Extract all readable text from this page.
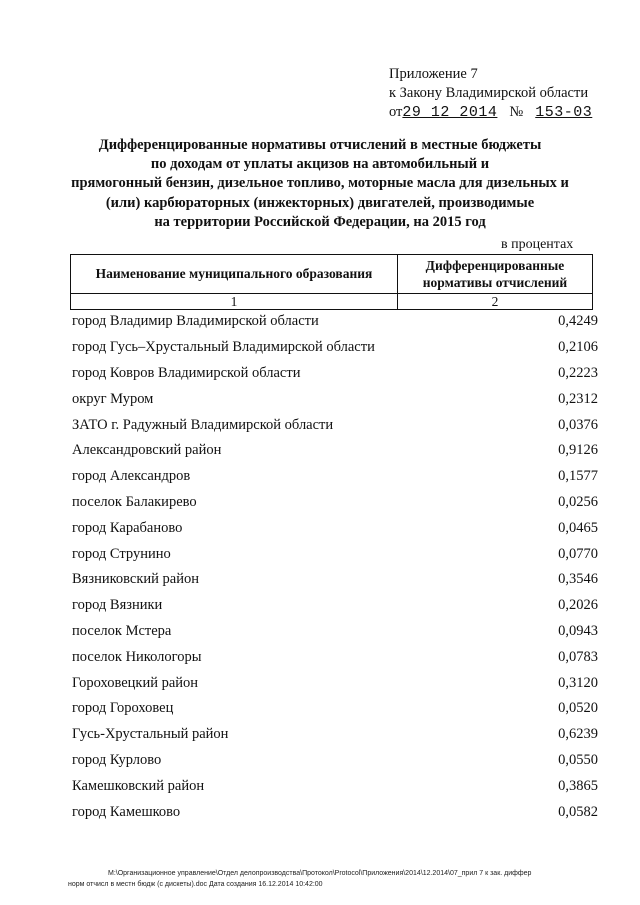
Приложение 7
к Закону Владимирской области
от29 12 2014 № 153-03
Дифференцированные нормативы отчислений в местные бюджеты
по доходам от уплаты акцизов на автомобильный и
прямогонный бензин, дизельное топливо, моторные масла для дизельных и
(или) карбюраторных (инжекторных) двигателей, производимые
на территории Российской Федерации, на 2015 год
в процентах
Наименование муниципального образования	Дифференцированные
нормативы отчислений

1	2
город Владимир Владимирской области	0,4249
город Гусь–Хрустальный Владимирской области	0,2106
город Ковров Владимирской области	0,2223
округ Муром	0,2312
ЗАТО г. Радужный Владимирской области	0,0376
Александровский район	0,9126
город Александров	0,1577
поселок Балакирево	0,0256
город Карабаново	0,0465
город Струнино	0,0770
Вязниковский район	0,3546
город Вязники	0,2026
поселок Мстера	0,0943
поселок Никологоры	0,0783
Гороховецкий район	0,3120
город Гороховец	0,0520
Гусь-Хрустальный район	0,6239
город Курлово	0,0550
Камешковский район	0,3865
город Камешково	0,0582
М:\Организационное управление\Отдел делопроизводства\Протокол\Protocol\Приложения\2014\12.2014\07_прил 7 к зак. диффер
норм отчисл в местн бюдж (с дискеты).doc Дата создания 16.12.2014 10:42:00
